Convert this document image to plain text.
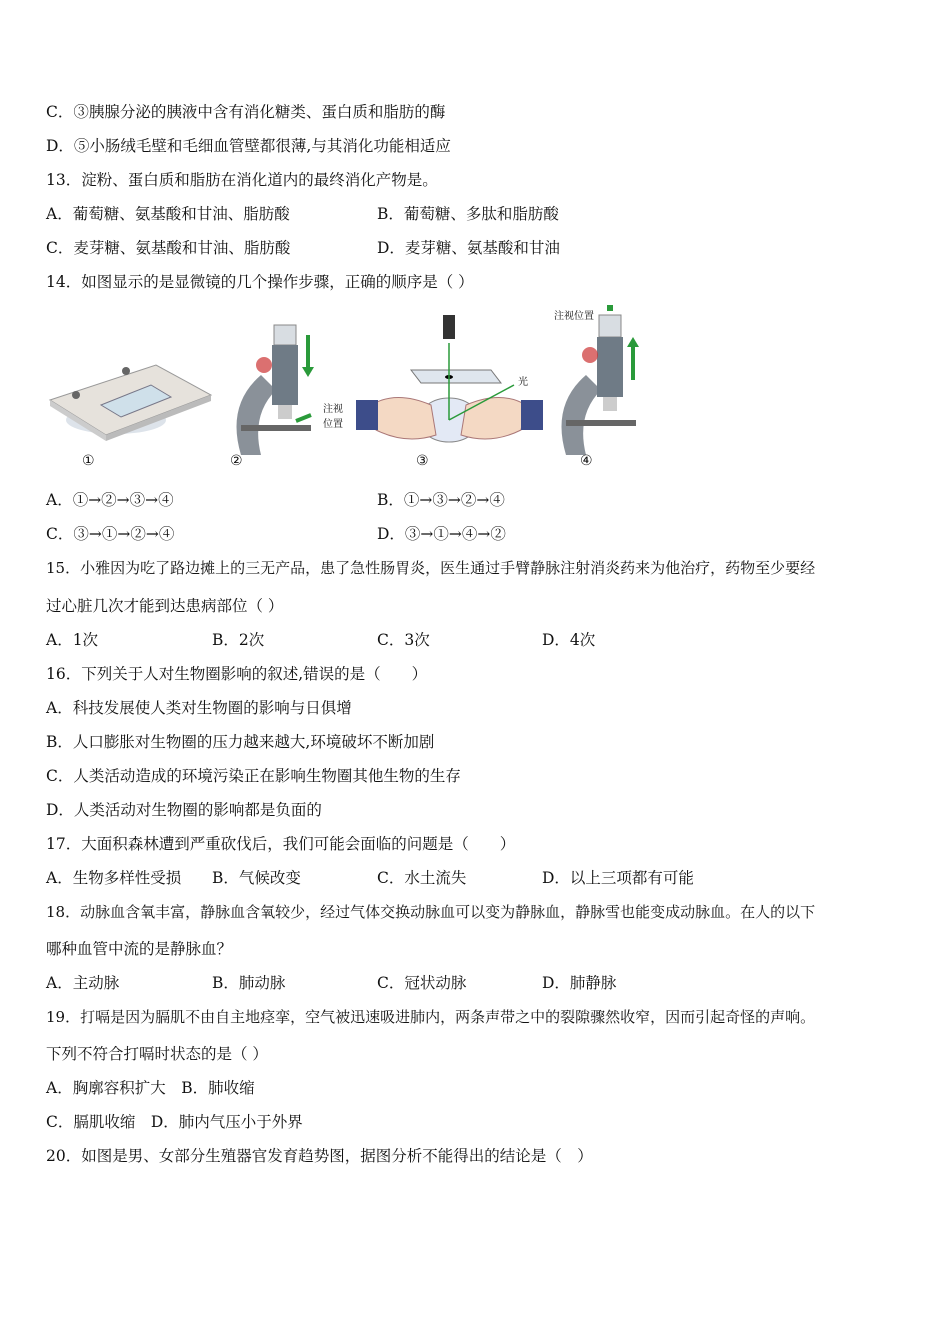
C．③胰腺分泌的胰液中含有消化糖类、蛋白质和脂肪的酶
D．⑤小肠绒毛壁和毛细血管壁都很薄,与其消化功能相适应
13．淀粉、蛋白质和脂肪在消化道内的最终消化产物是。
A．葡萄糖、氨基酸和甘油、脂肪酸	B．葡萄糖、多肽和脂肪酸
C．麦芽糖、氨基酸和甘油、脂肪酸	D．麦芽糖、氨基酸和甘油
14．如图显示的是显微镜的几个操作步骤，正确的顺序是（ ）
注视
位置
光
注视位置
①	②	③	④
A．①→②→③→④	B．①→③→②→④
C．③→①→②→④	D．③→①→④→②
15．小雅因为吃了路边摊上的三无产品，患了急性肠胃炎，医生通过手臂静脉注射消炎药来为他治疗，药物至少要经
过心脏几次才能到达患病部位（ ）
A．1次	B．2次	C．3次	D．4次
16．下列关于人对生物圈影响的叙述,错误的是（　　）
A．科技发展使人类对生物圈的影响与日俱增
B．人口膨胀对生物圈的压力越来越大,环境破坏不断加剧
C．人类活动造成的环境污染正在影响生物圈其他生物的生存
D．人类活动对生物圈的影响都是负面的
17．大面积森林遭到严重砍伐后，我们可能会面临的问题是（　　）
A．生物多样性受损 B．气候改变	C．水土流失	D．以上三项都有可能
18．动脉血含氧丰富，静脉血含氧较少，经过气体交换动脉血可以变为静脉血，静脉雪也能变成动脉血。在人的以下
哪种血管中流的是静脉血？
A．主动脉	B．肺动脉	C．冠状动脉	D．肺静脉
19．打嗝是因为膈肌不由自主地痉挛，空气被迅速吸进肺内，两条声带之中的裂隙骤然收窄，因而引起奇怪的声响。
下列不符合打嗝时状态的是（ ）
A．胸廓容积扩大　B．肺收缩
C．膈肌收缩　D．肺内气压小于外界
20．如图是男、女部分生殖器官发育趋势图，据图分析不能得出的结论是（　）
